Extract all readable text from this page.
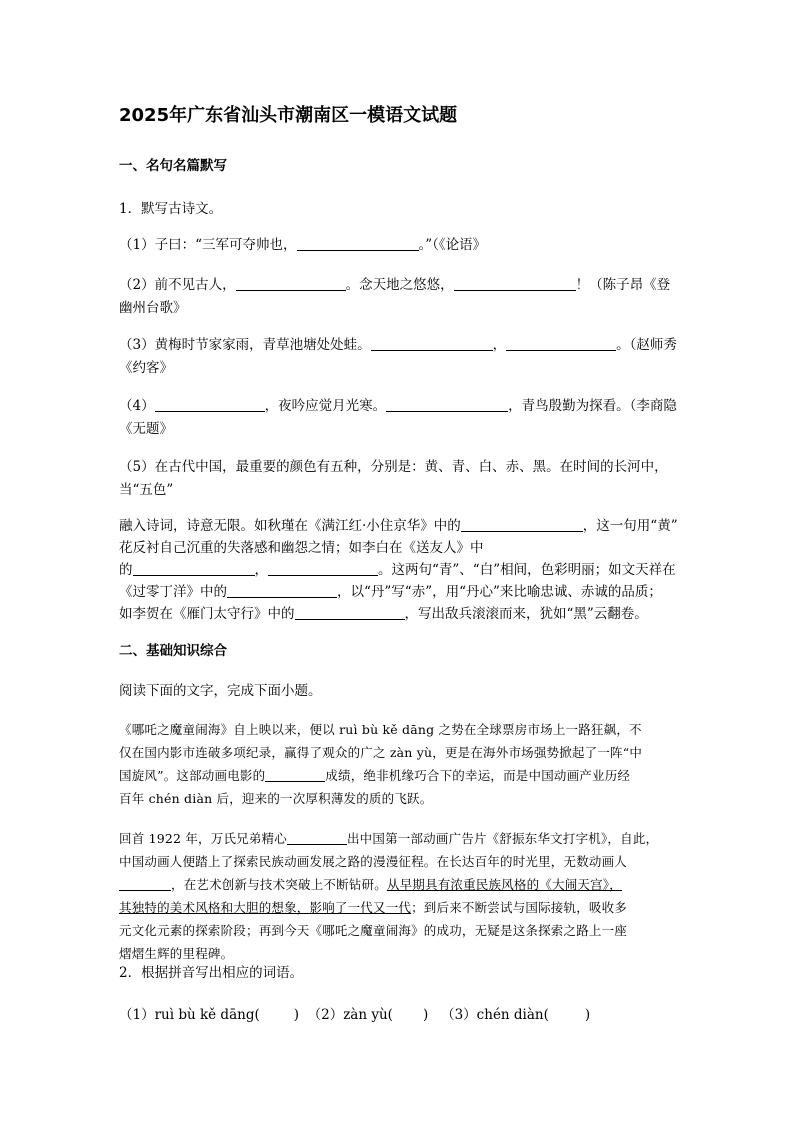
2025年广东省汕头市潮南区一模语文试题
一、名句名篇默写
1．默写古诗文。
（1）子曰：“三军可夺帅也，	。”（《论语》
（2）前不见古人，	。念天地之悠悠，	！（陈子昂《登
幽州台歌》
（3）黄梅时节家家雨，青草池塘处处蛙。	，	。（赵师秀
《约客》
（4）	，夜吟应觉月光寒。	，青鸟殷勤为探看。（李商隐
《无题》
（5）在古代中国，最重要的颜色有五种，分别是：黄、青、白、赤、黑。在时间的长河中，
当“五色”
融入诗词，诗意无限。如秋瑾在《满江红·小住京华》中的	，这一句用“黄”
花反衬自己沉重的失落感和幽怨之情；如李白在《送友人》中
的	，	。这两句“青”、“白”相间，色彩明丽；如文天祥在
《过零丁洋》中的	，以“丹”写“赤”，用“丹心”来比喻忠诚、赤诚的品质；
如李贺在《雁门太守行》中的	，写出敌兵滚滚而来，犹如“黑”云翻卷。
二、基础知识综合
阅读下面的文字，完成下面小题。
《哪吒之魔童闹海》自上映以来，便以 ruì bù kě dāng 之势在全球票房市场上一路狂飙，不
仅在国内影市连破多项纪录，赢得了观众的广之 zàn yù，更是在海外市场强势掀起了一阵“中
国旋风”。这部动画电影的	成绩，绝非机缘巧合下的幸运，而是中国动画产业历经
百年 chén diàn 后，迎来的一次厚积薄发的质的飞跃。
回首 1922 年，万氏兄弟精心	出中国第一部动画广告片《舒振东华文打字机》，自此，
中国动画人便踏上了探索民族动画发展之路的漫漫征程。在长达百年的时光里，无数动画人
，在艺术创新与技术突破上不断钻研。从早期具有浓重民族风格的《大闹天宫》，
其独特的美术风格和大胆的想象，影响了一代又一代；到后来不断尝试与国际接轨，吸收多
元文化元素的探索阶段；再到今天《哪吒之魔童闹海》的成功，无疑是这条探索之路上一座
熠熠生辉的里程碑。
2．根据拼音写出相应的词语。
（1）ruì bù kě dāng(	) （2）zàn yù( ) （3）chén diàn(	)
